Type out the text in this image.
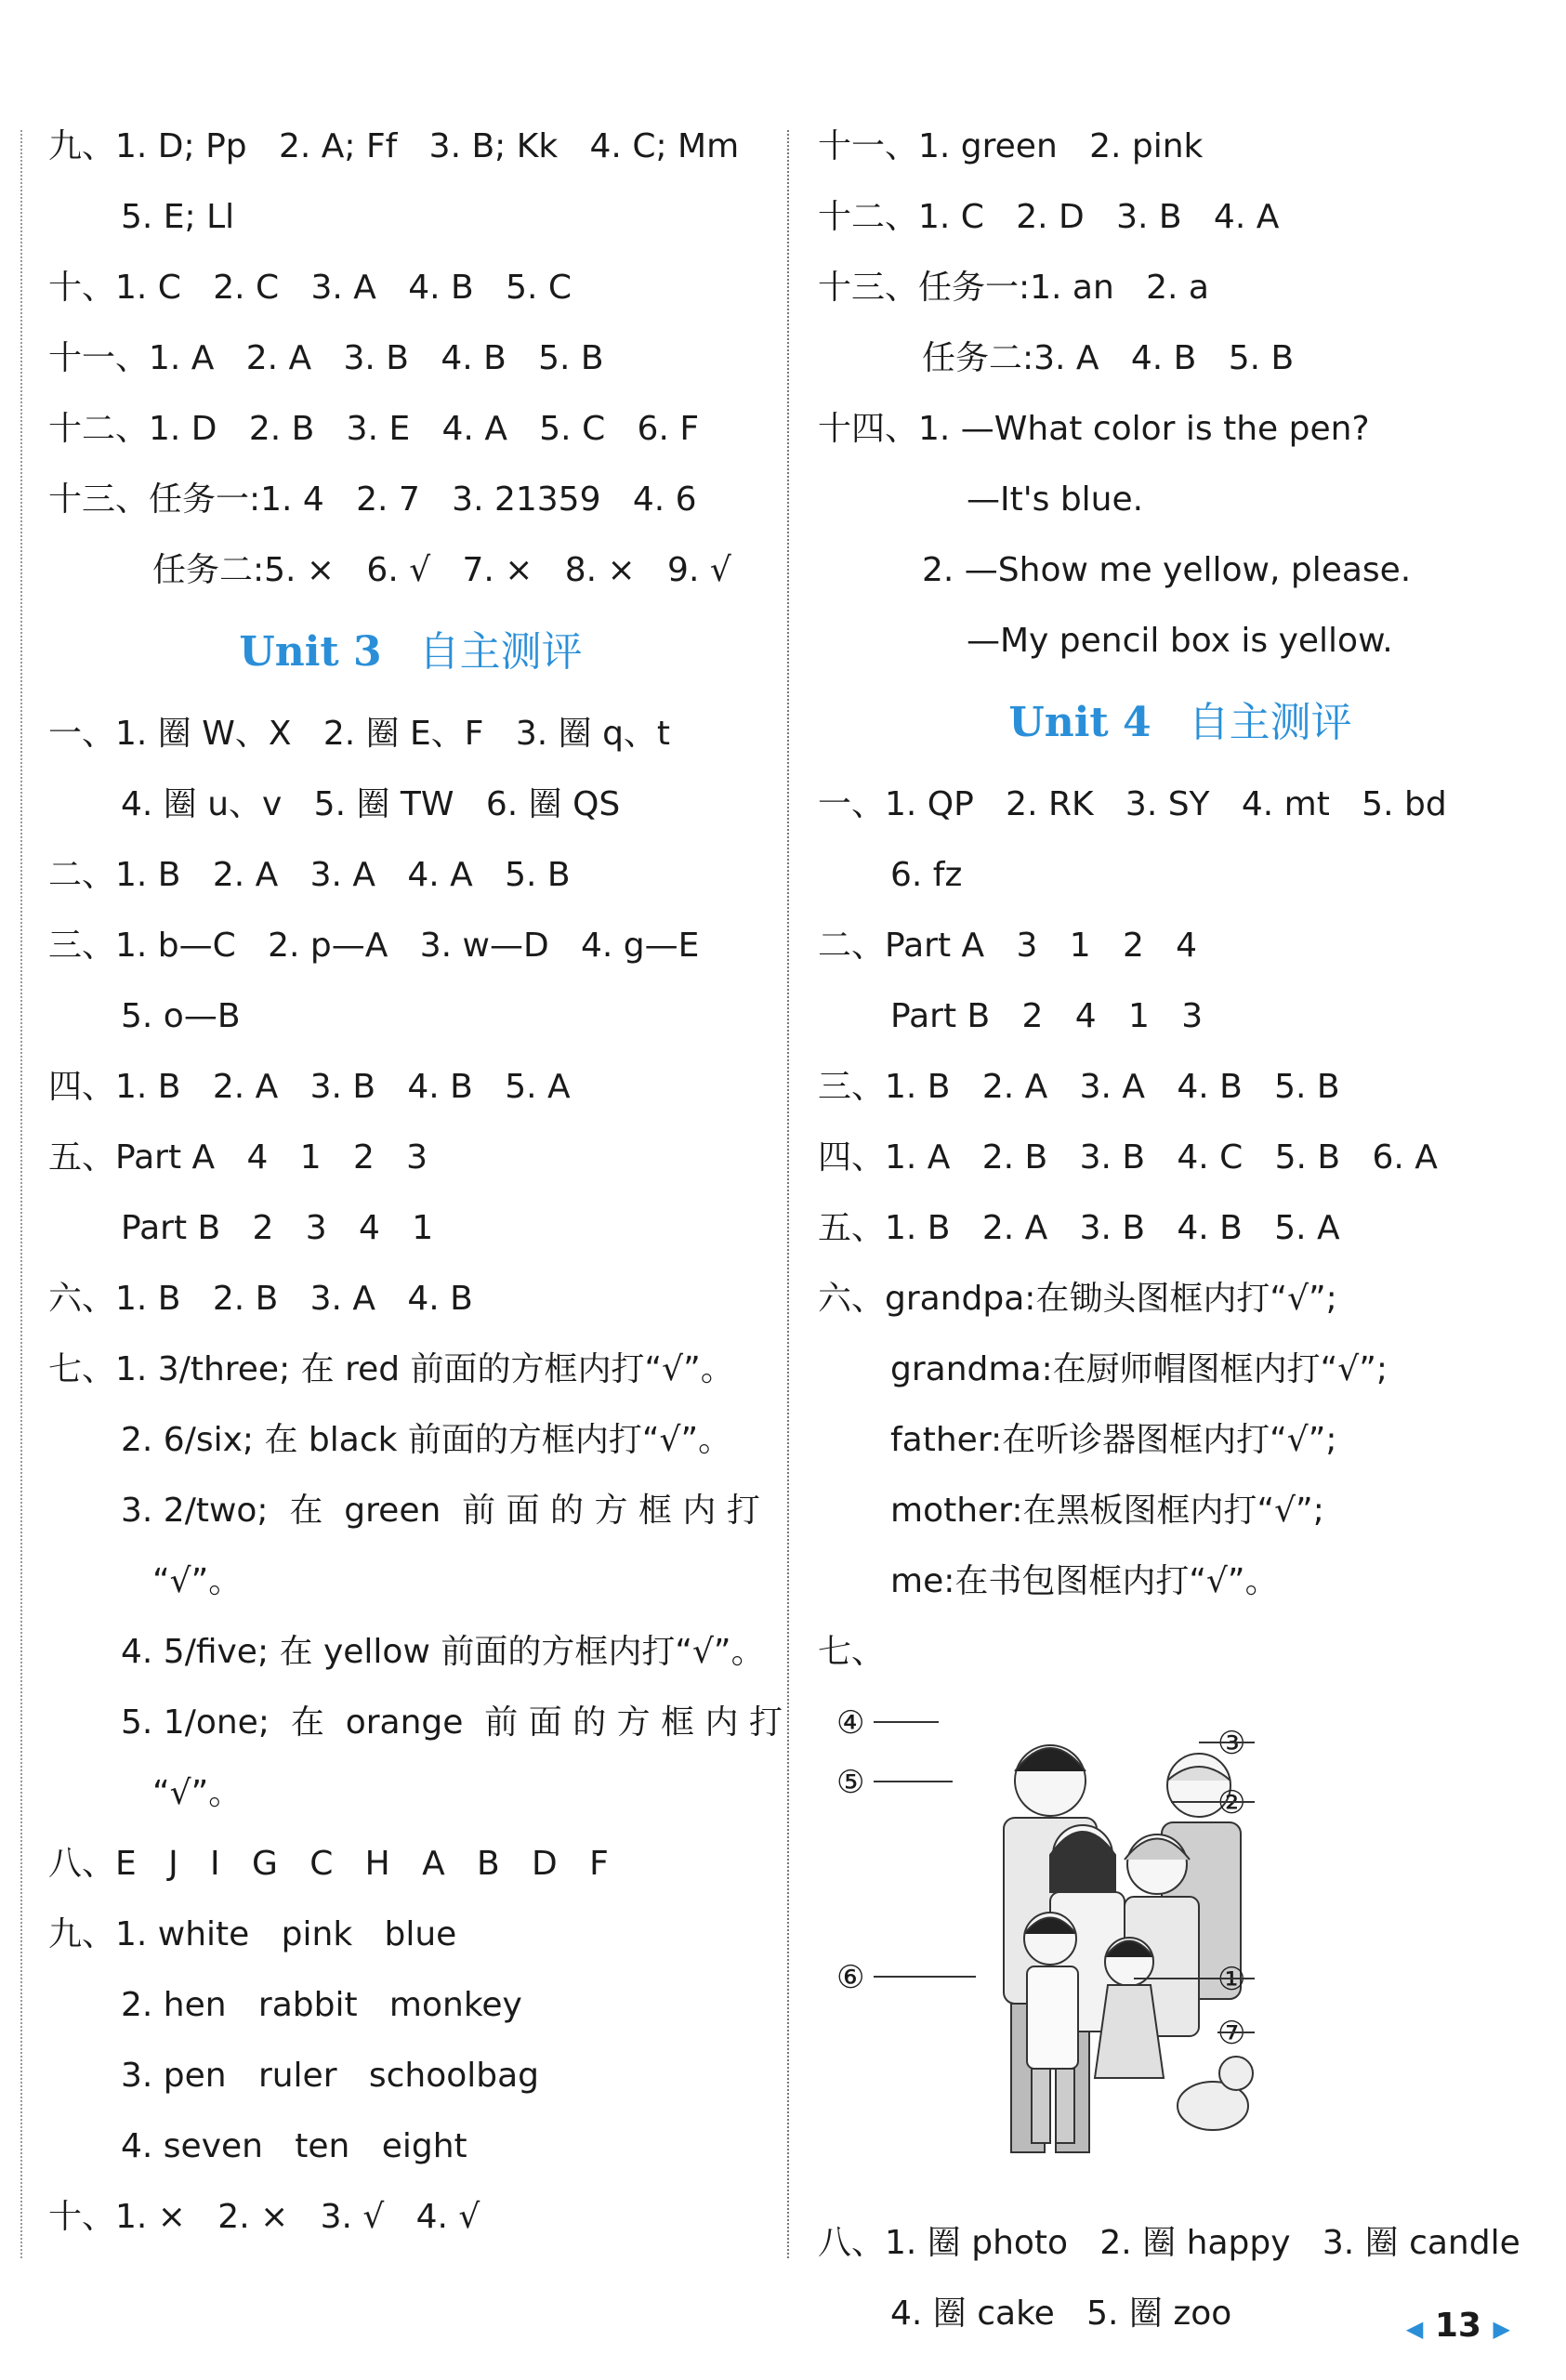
九、1. D; Pp   2. A; Ff   3. B; Kk   4. C; Mm
5. E; Ll
十、1. C   2. C   3. A   4. B   5. C
十一、1. A   2. A   3. B   4. B   5. B
十二、1. D   2. B   3. E   4. A   5. C   6. F
十三、任务一:1. 4   2. 7   3. 21359   4. 6
任务二:5. ×   6. √   7. ×   8. ×   9. √
Unit 3 自主测评
一、1. 圈 W、X   2. 圈 E、F   3. 圈 q、t
4. 圈 u、v   5. 圈 TW   6. 圈 QS
二、1. B   2. A   3. A   4. A   5. B
三、1. b—C   2. p—A   3. w—D   4. g—E
5. o—B
四、1. B   2. A   3. B   4. B   5. A
五、Part A   4   1   2   3
Part B   2   3   4   1
六、1. B   2. B   3. A   4. B
七、1. 3/three; 在 red 前面的方框内打“√”。
2. 6/six; 在 black 前面的方框内打“√”。
3. 2/two;  在  green  前 面 的 方 框 内 打
“√”。
4. 5/five; 在 yellow 前面的方框内打“√”。
5. 1/one;  在  orange  前 面 的 方 框 内 打
“√”。
八、E   J   I   G   C   H   A   B   D   F
九、1. white   pink   blue
2. hen   rabbit   monkey
3. pen   ruler   schoolbag
4. seven   ten   eight
十、1. ×   2. ×   3. √   4. √
十一、1. green   2. pink
十二、1. C   2. D   3. B   4. A
十三、任务一:1. an   2. a
任务二:3. A   4. B   5. B
十四、1. —What color is the pen?
—It's blue.
2. —Show me yellow, please.
—My pencil box is yellow.
Unit 4 自主测评
一、1. QP   2. RK   3. SY   4. mt   5. bd
6. fz
二、Part A   3   1   2   4
Part B   2   4   1   3
三、1. B   2. A   3. A   4. B   5. B
四、1. A   2. B   3. B   4. C   5. B   6. A
五、1. B   2. A   3. B   4. B   5. A
六、grandpa:在锄头图框内打“√”;
grandma:在厨师帽图框内打“√”;
father:在听诊器图框内打“√”;
mother:在黑板图框内打“√”;
me:在书包图框内打“√”。
七、
④
⑤
⑥
③
②
①
⑦
八、1. 圈 photo   2. 圈 happy   3. 圈 candle
4. 圈 cake   5. 圈 zoo	◀ 13 ▶
